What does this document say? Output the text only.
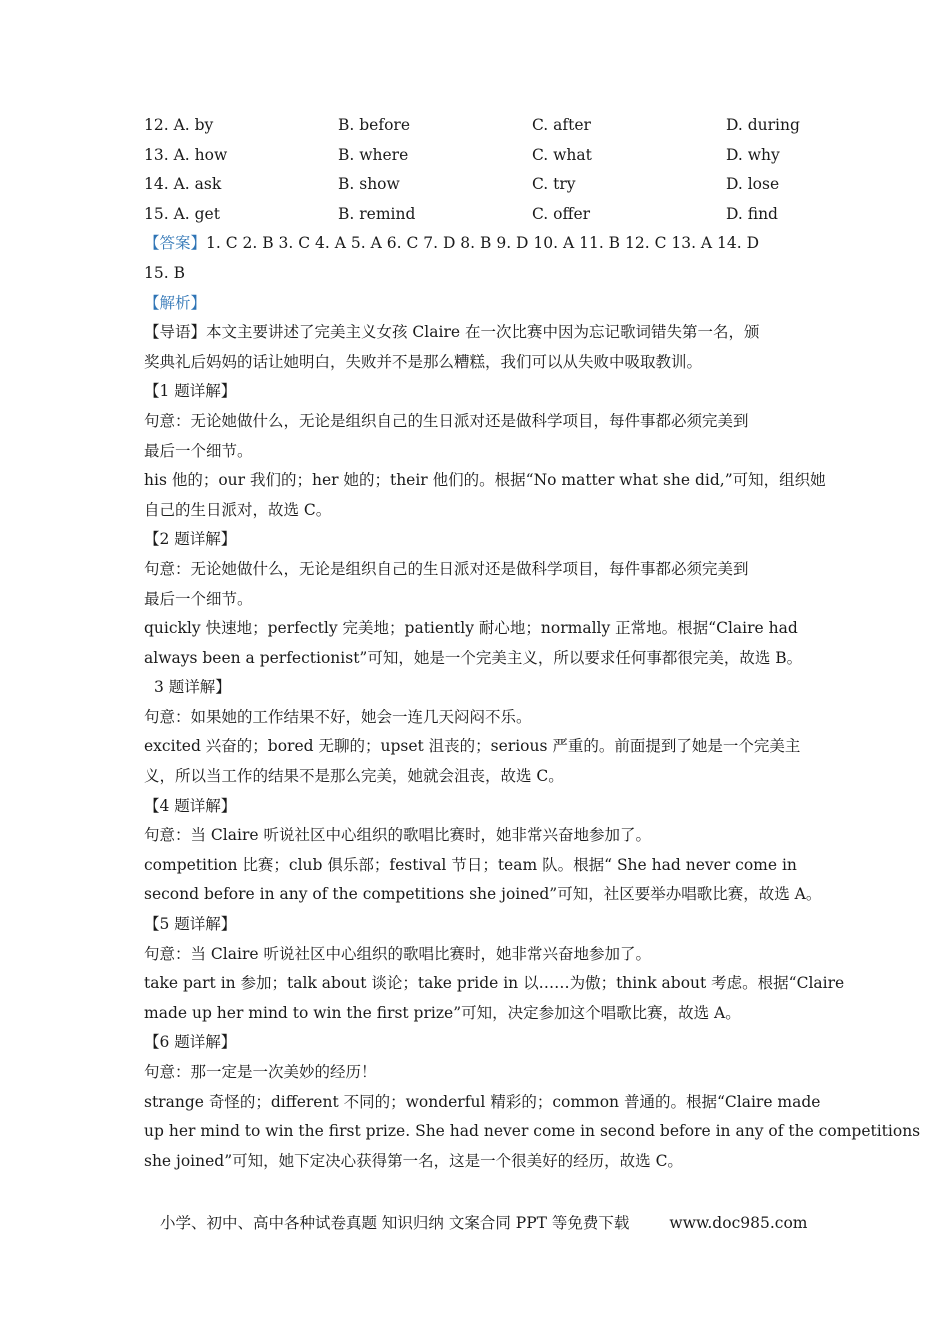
12. A. by	B. before	C. after	D. during
13. A. how	B. where	C. what	D. why
14. A. ask	B. show	C. try	D. lose
15. A. get	B. remind	C. offer	D. find
【答案】1. C 2. B 3. C 4. A 5. A 6. C 7. D 8. B 9. D 10. A 11. B 12. C 13. A 14. D
15. B
【解析】
【导语】本文主要讲述了完美主义女孩 Claire 在一次比赛中因为忘记歌词错失第一名，颁
奖典礼后妈妈的话让她明白，失败并不是那么糟糕，我们可以从失败中吸取教训。
【1 题详解】
句意：无论她做什么，无论是组织自己的生日派对还是做科学项目，每件事都必须完美到
最后一个细节。
his 他的；our 我们的；her 她的；their 他们的。根据“No matter what she did,”可知，组织她
自己的生日派对，故选 C。
【2 题详解】
句意：无论她做什么，无论是组织自己的生日派对还是做科学项目，每件事都必须完美到
最后一个细节。
quickly 快速地；perfectly 完美地；patiently 耐心地；normally 正常地。根据“Claire had
always been a perfectionist”可知，她是一个完美主义，所以要求任何事都很完美，故选 B。
3 题详解】
句意：如果她的工作结果不好，她会一连几天闷闷不乐。
excited 兴奋的；bored 无聊的；upset 沮丧的；serious 严重的。前面提到了她是一个完美主
义，所以当工作的结果不是那么完美，她就会沮丧，故选 C。
【4 题详解】
句意：当 Claire 听说社区中心组织的歌唱比赛时，她非常兴奋地参加了。
competition 比赛；club 俱乐部；festival 节日；team 队。根据“ She had never come in
second before in any of the competitions she joined”可知，社区要举办唱歌比赛，故选 A。
【5 题详解】
句意：当 Claire 听说社区中心组织的歌唱比赛时，她非常兴奋地参加了。
take part in 参加；talk about 谈论；take pride in 以……为傲；think about 考虑。根据“Claire
made up her mind to win the first prize”可知，决定参加这个唱歌比赛，故选 A。
【6 题详解】
句意：那一定是一次美妙的经历！
strange 奇怪的；different 不同的；wonderful 精彩的；common 普通的。根据“Claire made
up her mind to win the first prize. She had never come in second before in any of the competitions
she joined”可知，她下定决心获得第一名，这是一个很美好的经历，故选 C。
小学、初中、高中各种试卷真题 知识归纳 文案合同 PPT 等免费下载	www.doc985.com
